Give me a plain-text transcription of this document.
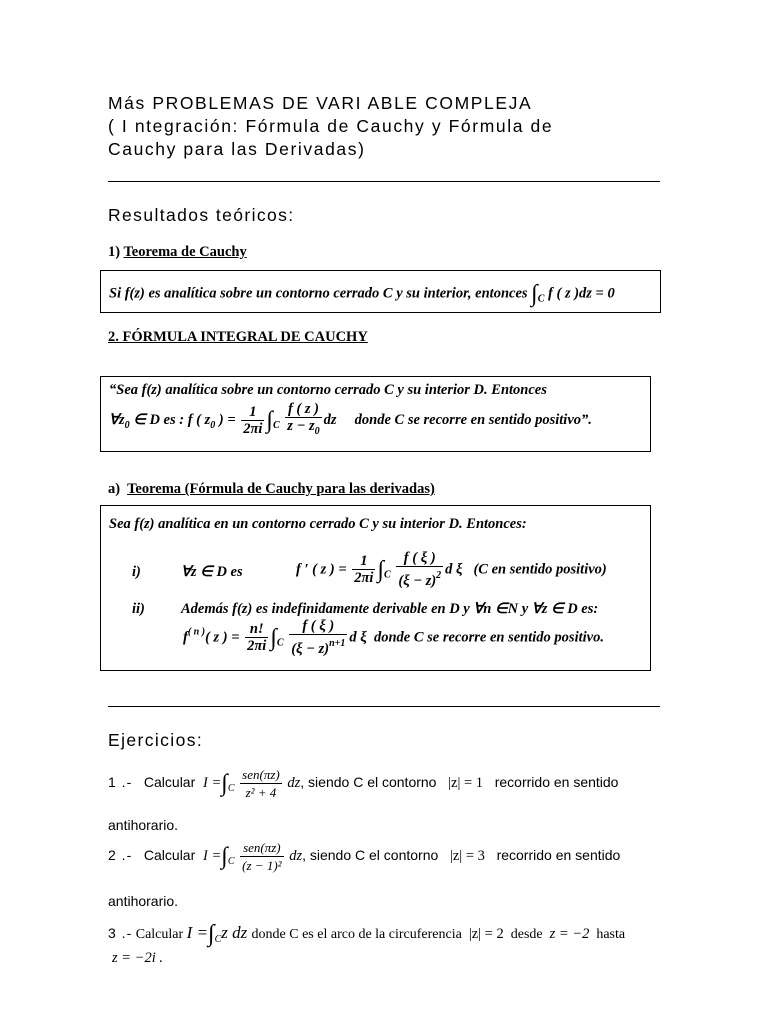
Más PROBLEMAS DE VARI ABLE COMPLEJA
( I ntegración: Fórmula de Cauchy y Fórmula de
Cauchy para las Derivadas)
Resultados teóricos:
1) Teorema de Cauchy
Si f(z) es analítica sobre un contorno cerrado C y su interior, entonces $\int_C$ f ( z )dz = 0
2. FÓRMULA INTEGRAL DE CAUCHY
“Sea f(z) analítica sobre un contorno cerrado C y su interior D. Entonces
$\forall z_0$ ∈ D es : f ( $z_0$ ) = $\frac{1}{2\pi i} \int_C \frac{f ( z )}{z - z_0}$ dz donde C se recorre en sentido positivo”.
a) Teorema (Fórmula de Cauchy para las derivadas)
Sea f(z) analítica en un contorno cerrado C y su interior D. Entonces:
i)	∀z ∈ D es	f ′ ( z ) = $\frac{1}{2\pi i} \int_C \frac{f ( \xi )}{(\xi - z)^2}$ d ξ (C en sentido positivo)
ii) Además f(z) es indefinidamente derivable en D y ∀n ∈N y ∀z ∈ D es:
$f^{( n )}$( z ) = $\frac{n!}{2\pi i} \int_C \frac{f ( \xi )}{(\xi - z)^{n+1}}$ d ξ donde C se recorre en sentido positivo.
Ejercicios:
1 .- Calcular $I =\int_C \frac{\text{sen(πz)}}{\text{z² + 4}}$ dz, siendo C el contorno |z| = 1 recorrido en sentido
antihorario.
2 .- Calcular $I =\int_C \frac{\text{sen(πz)}}{\text{(z − 1)²}}$ dz, siendo C el contorno |z| = 3 recorrido en sentido
antihorario.
3 .- Calcular $I =\int_Cz$ dz donde C es el arco de la circuferencia |z| = 2 desde z = −2 hasta
z = −2i .
